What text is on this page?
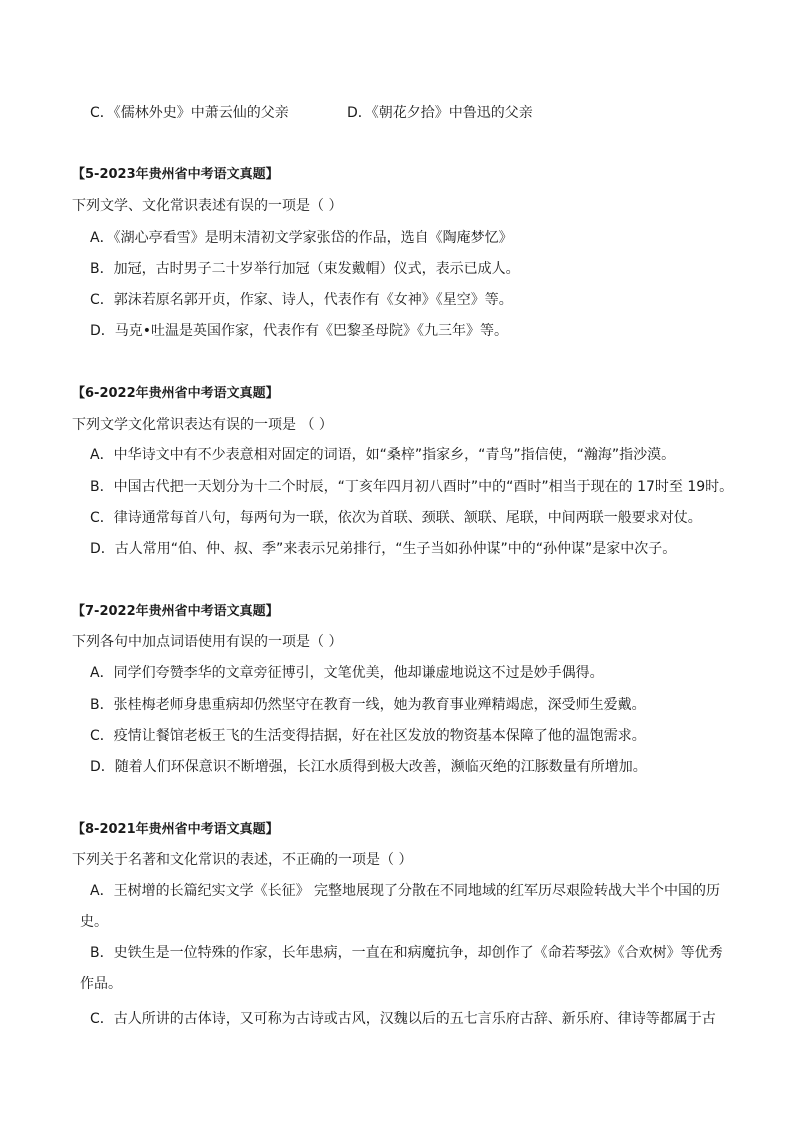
C．《儒林外史》中萧云仙的父亲	D．《朝花夕拾》中鲁迅的父亲
【5-2023年贵州省中考语文真题】
下列文学、文化常识表述有误的一项是（ ）
A．《湖心亭看雪》是明末清初文学家张岱的作品，选自《陶庵梦忆》
B．加冠，古时男子二十岁举行加冠（束发戴帽）仪式，表示已成人。
C．郭沫若原名郭开贞，作家、诗人，代表作有《女神》《星空》等。
D．马克•吐温是英国作家，代表作有《巴黎圣母院》《九三年》等。
【6-2022年贵州省中考语文真题】
下列文学文化常识表达有误的一项是 （ ）
A．中华诗文中有不少表意相对固定的词语，如“桑梓”指家乡，“青鸟”指信使，“瀚海”指沙漠。
B．中国古代把一天划分为十二个时辰，“丁亥年四月初八酉时”中的“酉时”相当于现在的 17时至 19时。
C．律诗通常每首八句，每两句为一联，依次为首联、颈联、颔联、尾联，中间两联一般要求对仗。
D．古人常用“伯、仲、叔、季”来表示兄弟排行，“生子当如孙仲谋”中的“孙仲谋”是家中次子。
【7-2022年贵州省中考语文真题】
下列各句中加点词语使用有误的一项是（ ）
A．同学们夸赞李华的文章旁征博引，文笔优美，他却谦虚地说这不过是妙手偶得。
B．张桂梅老师身患重病却仍然坚守在教育一线，她为教育事业殚精竭虑，深受师生爱戴。
C．疫情让餐馆老板王飞的生活变得拮据，好在社区发放的物资基本保障了他的温饱需求。
D．随着人们环保意识不断增强，长江水质得到极大改善，濒临灭绝的江豚数量有所增加。
【8-2021年贵州省中考语文真题】
下列关于名著和文化常识的表述，不正确的一项是（ ）
A．王树增的长篇纪实文学《长征》 完整地展现了分散在不同地域的红军历尽艰险转战大半个中国的历
史。
B．史铁生是一位特殊的作家，长年患病，一直在和病魔抗争，却创作了《命若琴弦》《合欢树》等优秀
作品。
C．古人所讲的古体诗，又可称为古诗或古风，汉魏以后的五七言乐府古辞、新乐府、律诗等都属于古
